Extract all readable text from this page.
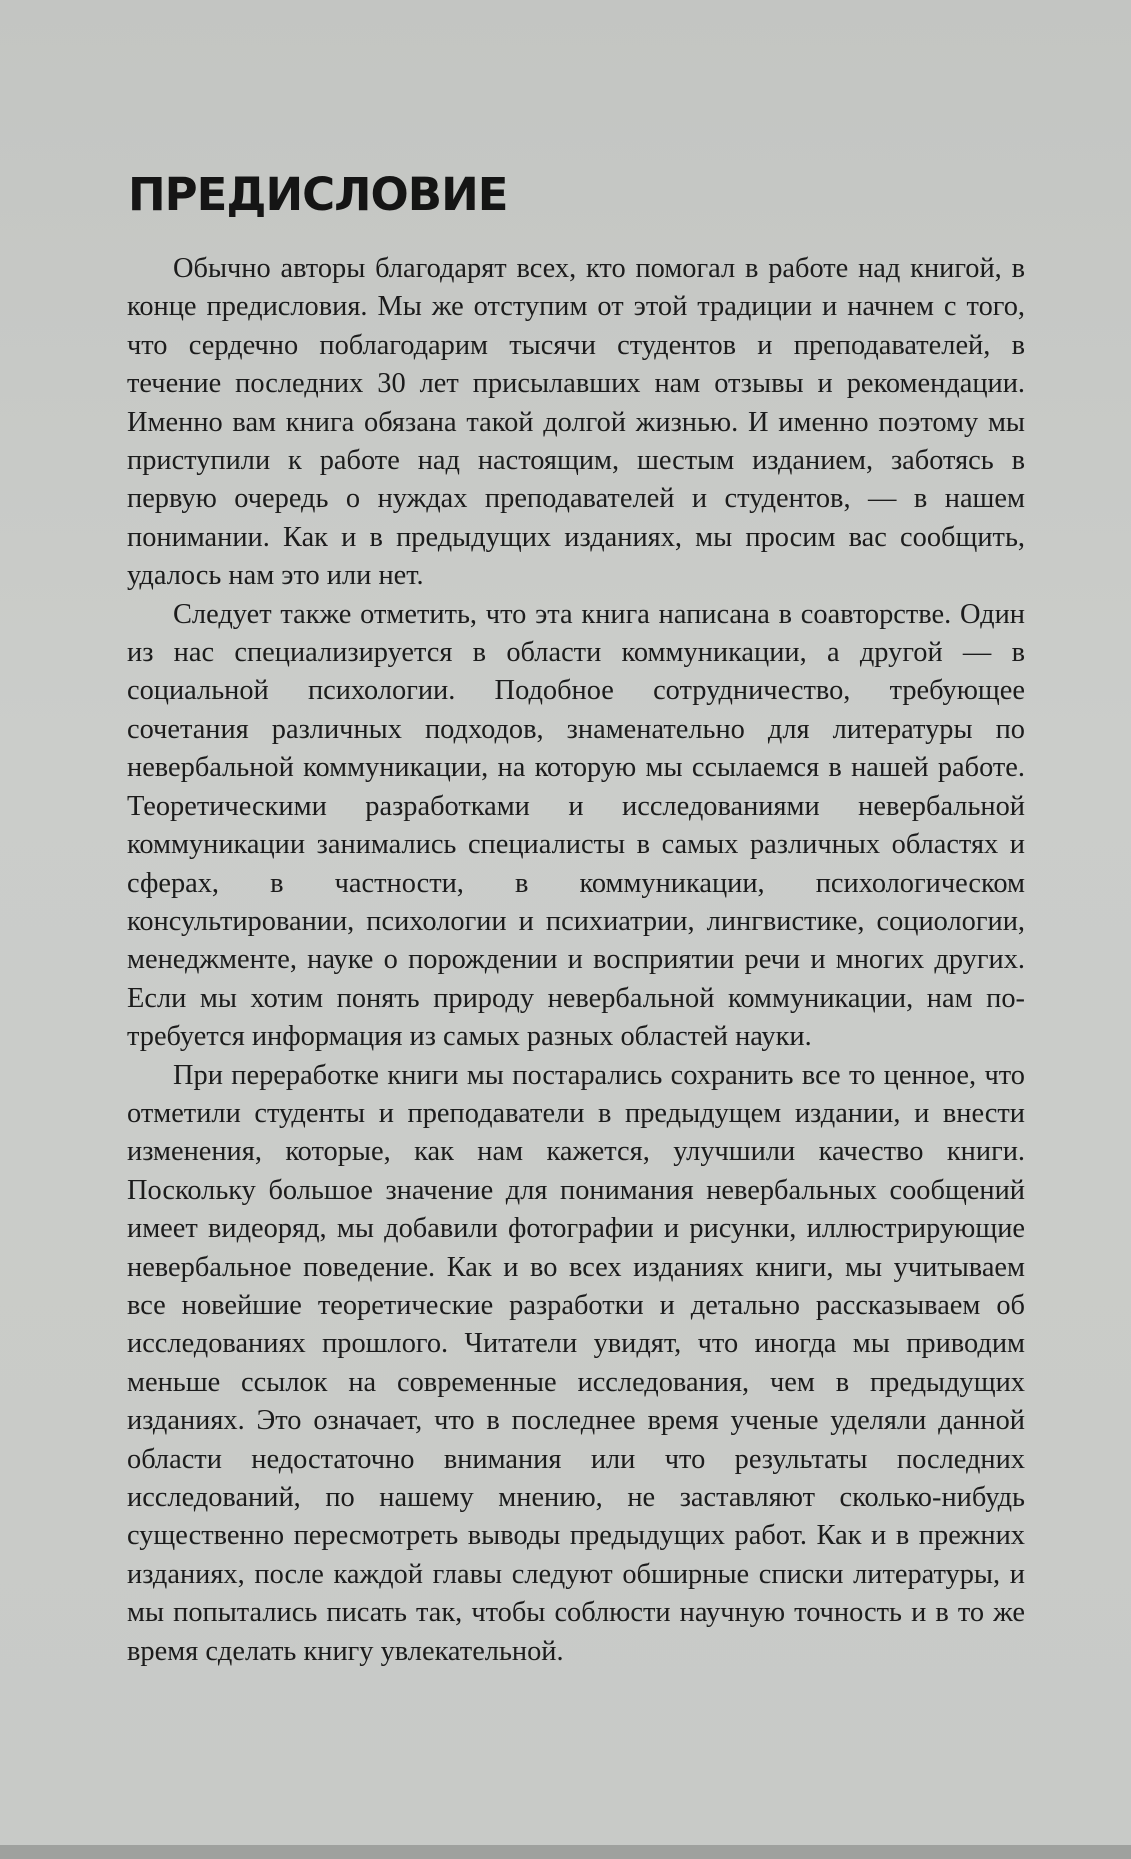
ПРЕДИСЛОВИЕ

Обычно авторы благодарят всех, кто помогал в работе над книгой, в конце предисловия. Мы же отступим от этой традиции и начнем с того, что сердечно поблагодарим тысячи студентов и преподавателей, в течение последних 30 лет присылавших нам отзывы и рекомендации. Именно вам книга обязана такой долгой жизнью. И именно поэтому мы приступили к работе над настоящим, шестым изданием, заботясь в первую очередь о нуждах преподавателей и студентов, — в нашем понимании. Как и в предыдущих изданиях, мы просим вас сообщить, удалось нам это или нет.

Следует также отметить, что эта книга написана в соавторстве. Один из нас специализируется в области коммуникации, а другой — в социальной психологии. Подобное сотрудничество, требующее сочетания различных подходов, знаменательно для литературы по невербальной коммуникации, на которую мы ссылаемся в нашей работе. Теоретическими разработками и исследованиями невербальной коммуникации занимались специалисты в самых различных областях и сферах, в частности, в коммуникации, психологическом консультировании, психологии и психиатрии, лингвистике, социологии, менеджменте, науке о порождении и восприятии речи и многих других. Если мы хотим понять природу невербальной коммуникации, нам потребуется информация из самых разных областей науки.

При переработке книги мы постарались сохранить все то ценное, что отметили студенты и преподаватели в предыдущем издании, и внести изменения, которые, как нам кажется, улучшили качество книги. Поскольку большое значение для понимания невербальных сообщений имеет видеоряд, мы добавили фотографии и рисунки, иллюстрирующие невербальное поведение. Как и во всех изданиях книги, мы учитываем все новейшие теоретические разработки и детально рассказываем об исследованиях прошлого. Читатели увидят, что иногда мы приводим меньше ссылок на современные исследования, чем в предыдущих изданиях. Это означает, что в последнее время ученые уделяли данной области недостаточно внимания или что результаты последних исследований, по нашему мнению, не заставляют сколько-нибудь существенно пересмотреть выводы предыдущих работ. Как и в прежних изданиях, после каждой главы следуют обширные списки литературы, и мы попытались писать так, чтобы соблюсти научную точность и в то же время сделать книгу увлекательной.
